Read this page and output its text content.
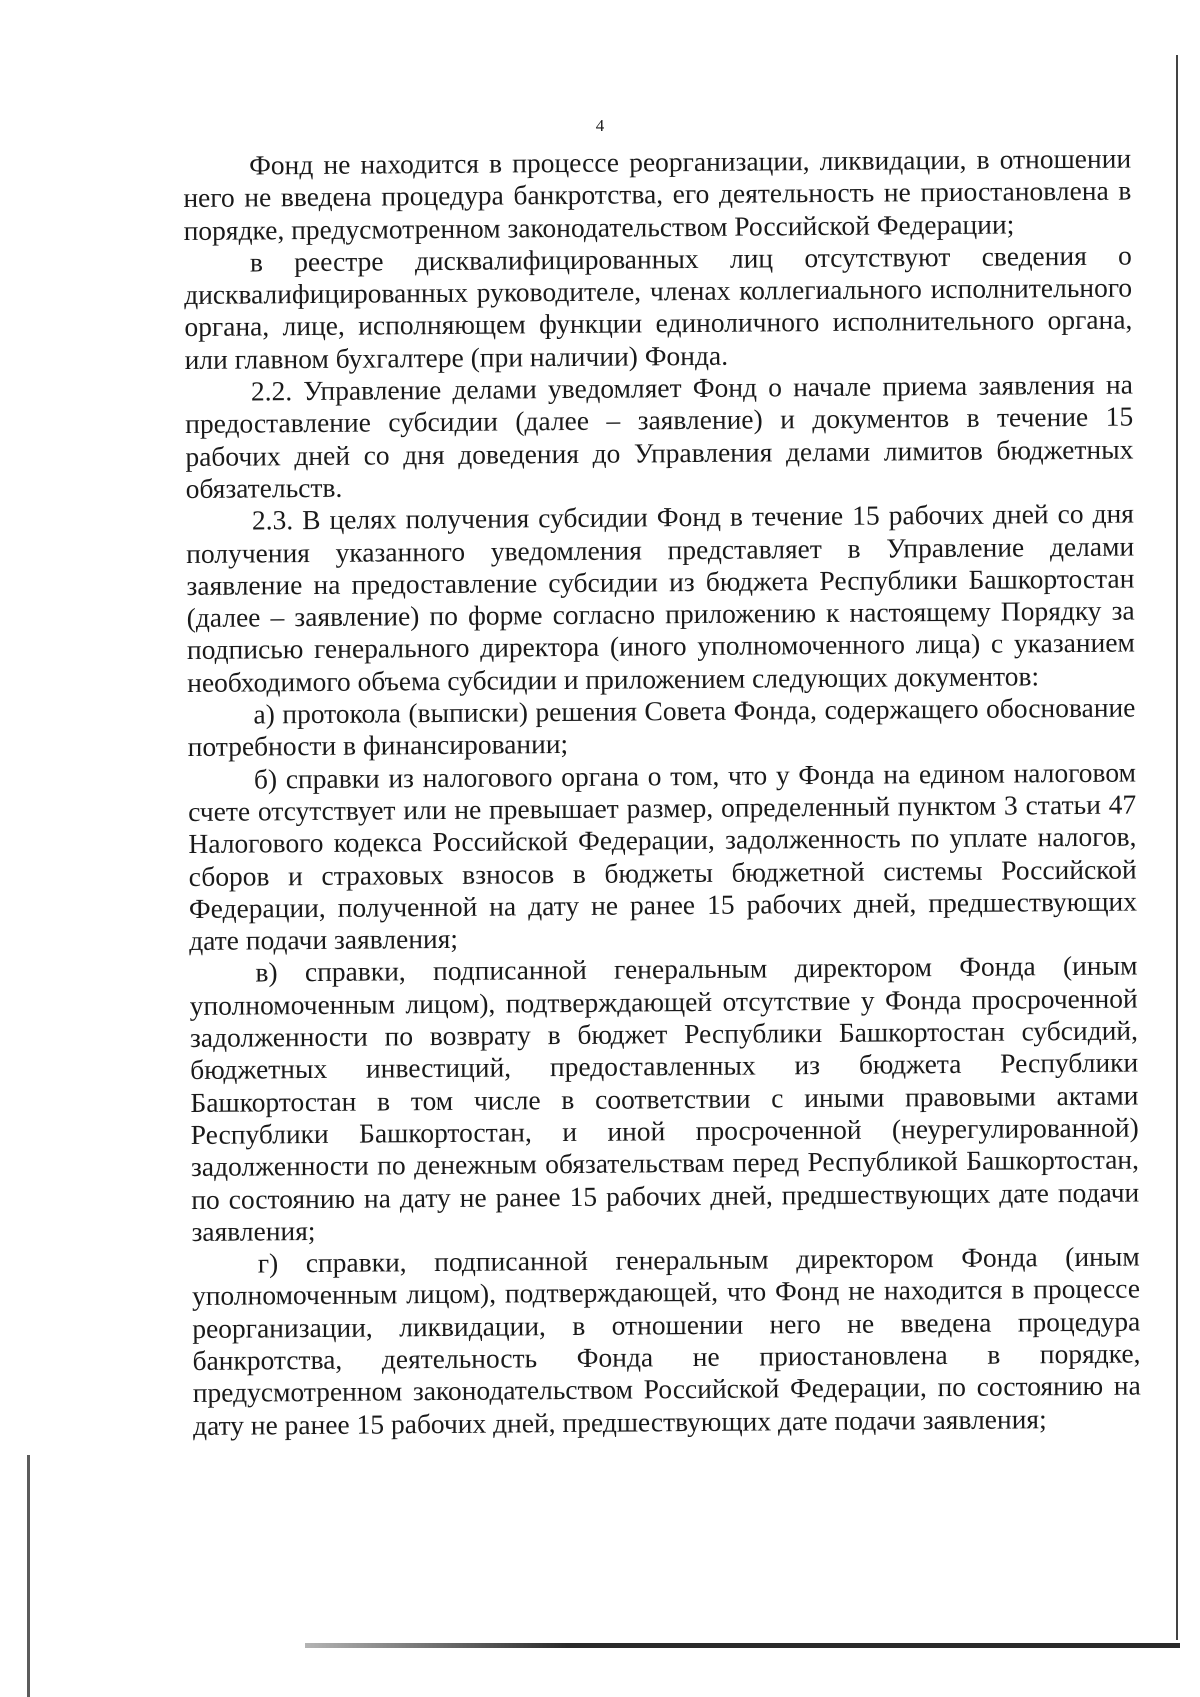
4

Фонд не находится в процессе реорганизации, ликвидации, в отношении него не введена процедура банкротства, его деятельность не приостановлена в порядке, предусмотренном законодательством Российской Федерации;

в реестре дисквалифицированных лиц отсутствуют сведения о дисквалифицированных руководителе, членах коллегиального исполнительного органа, лице, исполняющем функции единоличного исполнительного органа, или главном бухгалтере (при наличии) Фонда.

2.2. Управление делами уведомляет Фонд о начале приема заявления на предоставление субсидии (далее – заявление) и документов в течение 15 рабочих дней со дня доведения до Управления делами лимитов бюджетных обязательств.

2.3. В целях получения субсидии Фонд в течение 15 рабочих дней со дня получения указанного уведомления представляет в Управление делами заявление на предоставление субсидии из бюджета Республики Башкортостан (далее – заявление) по форме согласно приложению к настоящему Порядку за подписью генерального директора (иного уполномоченного лица) с указанием необходимого объема субсидии и приложением следующих документов:

а) протокола (выписки) решения Совета Фонда, содержащего обоснование потребности в финансировании;

б) справки из налогового органа о том, что у Фонда на едином налоговом счете отсутствует или не превышает размер, определенный пунктом 3 статьи 47 Налогового кодекса Российской Федерации, задолженность по уплате налогов, сборов и страховых взносов в бюджеты бюджетной системы Российской Федерации, полученной на дату не ранее 15 рабочих дней, предшествующих дате подачи заявления;

в) справки, подписанной генеральным директором Фонда (иным уполномоченным лицом), подтверждающей отсутствие у Фонда просроченной задолженности по возврату в бюджет Республики Башкортостан субсидий, бюджетных инвестиций, предоставленных из бюджета Республики Башкортостан в том числе в соответствии с иными правовыми актами Республики Башкортостан, и иной просроченной (неурегулированной) задолженности по денежным обязательствам перед Республикой Башкортостан, по состоянию на дату не ранее 15 рабочих дней, предшествующих дате подачи заявления;

г) справки, подписанной генеральным директором Фонда (иным уполномоченным лицом), подтверждающей, что Фонд не находится в процессе реорганизации, ликвидации, в отношении него не введена процедура банкротства, деятельность Фонда не приостановлена в порядке, предусмотренном законодательством Российской Федерации, по состоянию на дату не ранее 15 рабочих дней, предшествующих дате подачи заявления;
